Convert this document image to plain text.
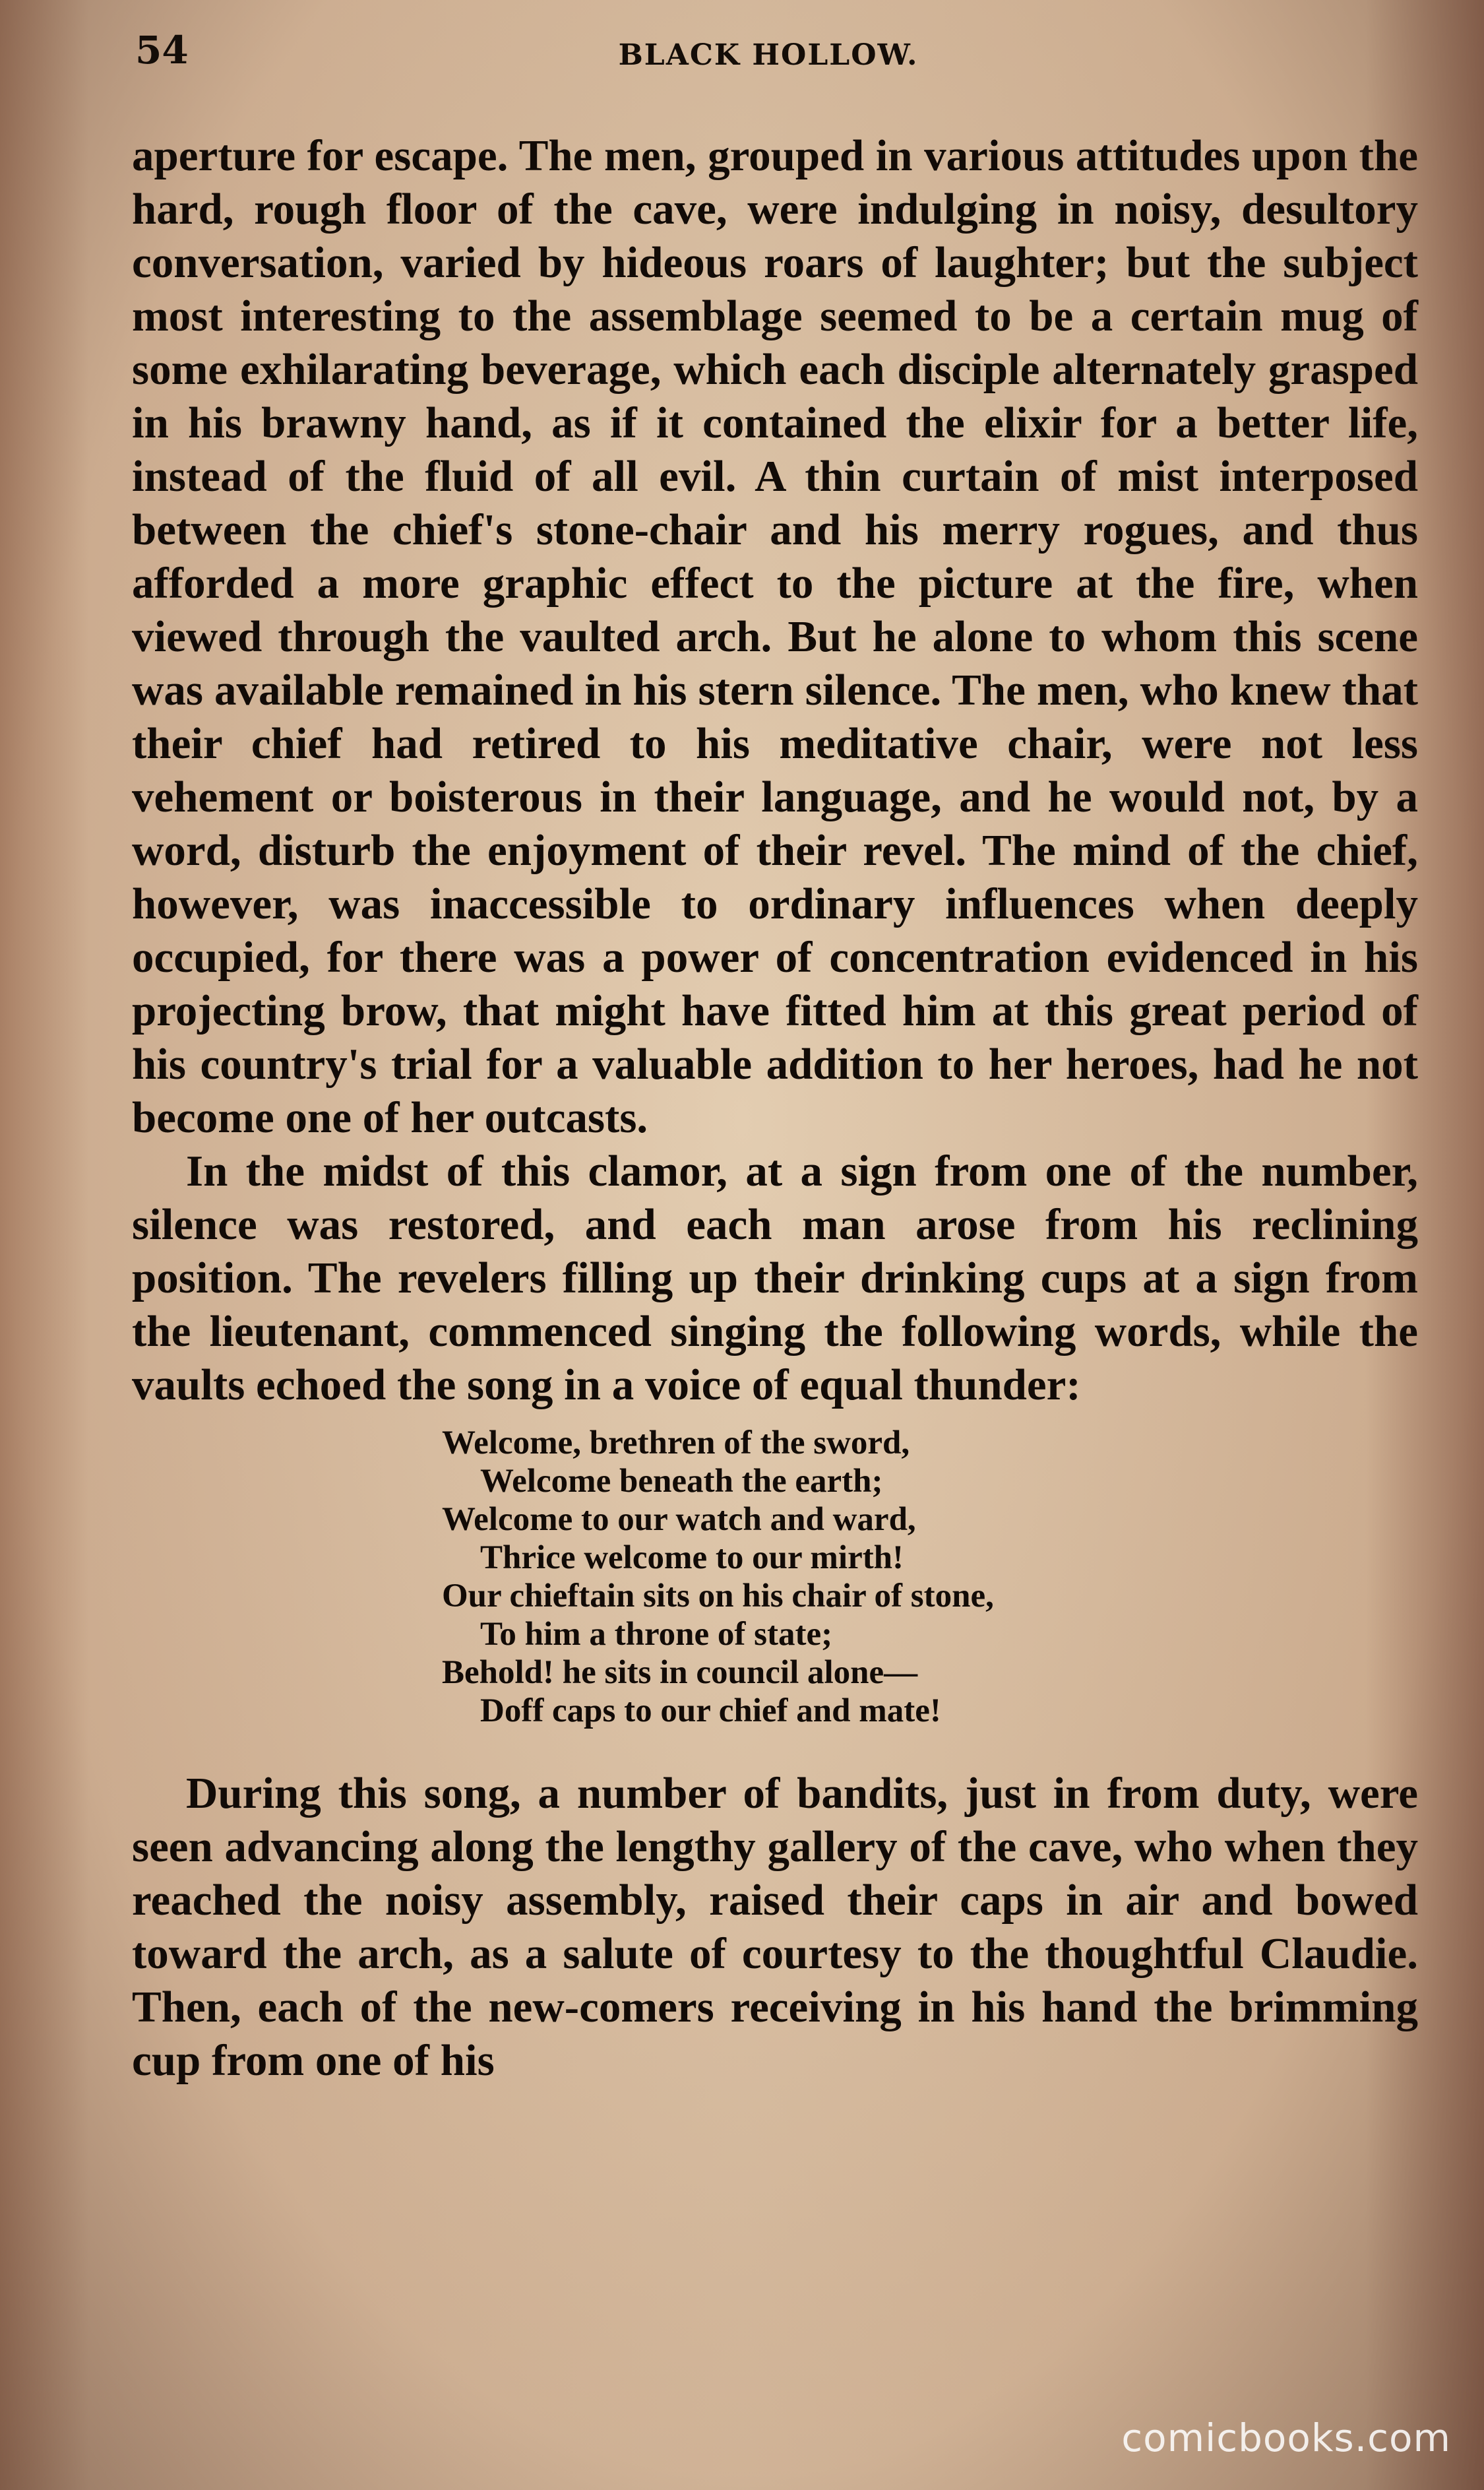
54	BLACK HOLLOW.

aperture for escape. The men, grouped in various attitudes upon the hard, rough floor of the cave, were indulging in noisy, desultory conversation, varied by hideous roars of laughter; but the subject most interesting to the assemblage seemed to be a certain mug of some exhilarating beverage, which each disciple alternately grasped in his brawny hand, as if it contained the elixir for a better life, instead of the fluid of all evil. A thin curtain of mist interposed between the chief's stone-chair and his merry rogues, and thus afforded a more graphic effect to the picture at the fire, when viewed through the vaulted arch. But he alone to whom this scene was available remained in his stern silence. The men, who knew that their chief had retired to his meditative chair, were not less vehement or boisterous in their language, and he would not, by a word, disturb the enjoyment of their revel. The mind of the chief, however, was inaccessible to ordinary influences when deeply occupied, for there was a power of concentration evidenced in his projecting brow, that might have fitted him at this great period of his country's trial for a valuable addition to her heroes, had he not become one of her outcasts.

In the midst of this clamor, at a sign from one of the number, silence was restored, and each man arose from his reclining position. The revelers filling up their drinking cups at a sign from the lieutenant, commenced singing the following words, while the vaults echoed the song in a voice of equal thunder:

Welcome, brethren of the sword,
Welcome beneath the earth;
Welcome to our watch and ward,
Thrice welcome to our mirth!
Our chieftain sits on his chair of stone,
To him a throne of state;
Behold! he sits in council alone—
Doff caps to our chief and mate!

During this song, a number of bandits, just in from duty, were seen advancing along the lengthy gallery of the cave, who when they reached the noisy assembly, raised their caps in air and bowed toward the arch, as a salute of courtesy to the thoughtful Claudie. Then, each of the new-comers receiving in his hand the brimming cup from one of his

comicbooks.com
